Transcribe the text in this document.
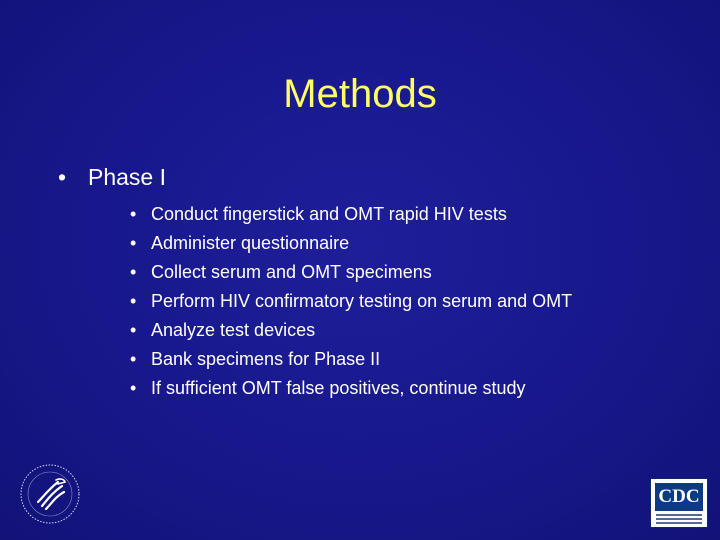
Methods
• Phase I
• Conduct fingerstick and OMT rapid HIV tests
• Administer questionnaire
• Collect serum and OMT specimens
• Perform HIV confirmatory testing on serum and OMT
• Analyze test devices
• Bank specimens for Phase II
• If sufficient OMT false positives, continue study
CDC
